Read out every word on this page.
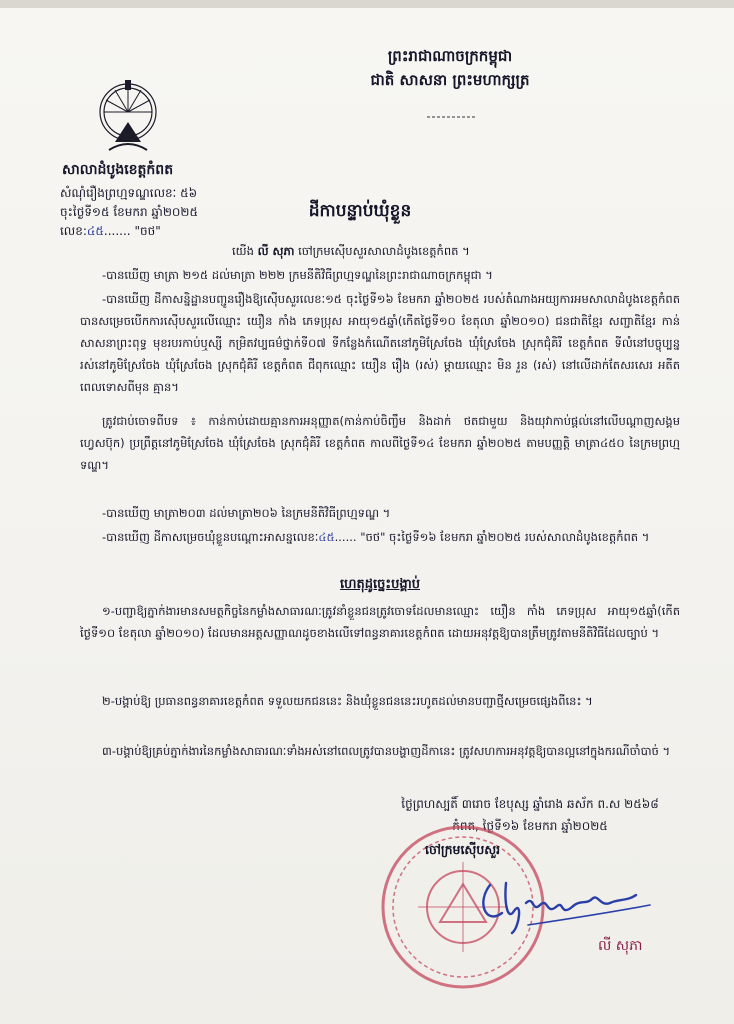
ព្រះរាជាណាចក្រកម្ពុជា
ជាតិ សាសនា ព្រះមហាក្សត្រ
សាលាដំបូងខេត្តកំពត
សំណុំរឿងព្រហ្មទណ្ឌលេខៈ ៥៦
ចុះថ្ងៃទី១៥ ខែមករា ឆ្នាំ២០២៥
លេខ:៤៥....... "ចថ"
ដីកាបន្ទាប់ឃុំខ្លួន
យើង លី សុភា ចៅក្រមស៊ើបសួរសាលាដំបូងខេត្តកំពត ។
-បានឃើញ មាត្រា ២១៥ ដល់មាត្រា ២២២ ក្រមនីតិវិធីព្រហ្មទណ្ឌនៃព្រះរាជាណាចក្រកម្ពុជា ។
-បានឃើញ ដីកាសន្និដ្ឋានបញ្ជូនរឿងឱ្យស៊ើបសួរលេខៈ១៥ ចុះថ្ងៃទី១៦ ខែមករា ឆ្នាំ២០២៥ របស់តំណាងអយ្យការអមសាលាដំបូងខេត្តកំពត បានសម្រេចបើកការស៊ើបសួរលើឈ្មោះ យឿន កាំង ភេទប្រុស អាយុ១៥ឆ្នាំ(កើតថ្ងៃទី១០ ខែតុលា ឆ្នាំ២០១០) ជនជាតិខ្មែរ សញ្ជាតិខ្មែរ កាន់សាសនាព្រះពុទ្ធ មុខរបរកាប់ឬស្សី កម្រិតវប្បធម៌ថ្នាក់ទី០៧ ទីកន្លែងកំណើតនៅភូមិស្រែចែង ឃុំស្រែចែង ស្រុកជុំគិរី ខេត្តកំពត ទីលំនៅបច្ចុប្បន្នរស់នៅភូមិស្រែចែង ឃុំស្រែចែង ស្រុកជុំគិរី ខេត្តកំពត ជីពុកឈ្មោះ យឿន រឿង (រស់) ម្តាយឈ្មោះ មិន រួន (រស់) នៅលើដាក់តែសរសេរ អតីតពេលទោសពីមុន គ្មាន។
ត្រូវជាប់ចោទពីបទ ៖ កាន់កាប់ដោយគ្មានការអនុញ្ញាត(កាន់កាប់ចិញ្ចឹម និងដាក់ ថតជាមួយ និងយុវាកាប់ផ្តល់នៅលើបណ្តាញសង្គមហ្វេសប៊ុក) ប្រព្រឹត្តនៅភូមិស្រែចែង ឃុំស្រែចែង ស្រុកជុំគិរី ខេត្តកំពត កាលពីថ្ងៃទី១៤ ខែមករា ឆ្នាំ២០២៥ តាមបញ្ញត្តិ មាត្រា៤៥០ នៃក្រមព្រហ្មទណ្ឌ។
-បានឃើញ មាត្រា២០៣ ដល់មាត្រា២០៦ នៃក្រមនីតិវិធីព្រហ្មទណ្ឌ ។
-បានឃើញ ដីកាសម្រេចឃុំខ្លួនបណ្តោះអាសន្នលេខៈ៤៥...... "ចថ" ចុះថ្ងៃទី១៦ ខែមករា ឆ្នាំ២០២៥ របស់សាលាដំបូងខេត្តកំពត ។
ហេតុដូច្នេះបង្គាប់
១-បញ្ជាឱ្យភ្នាក់ងារមានសមត្ថកិច្ចនៃកម្លាំងសាធារណៈត្រូវនាំខ្លួនជនត្រូវចោទដែលមានឈ្មោះ យឿន កាំង ភេទប្រុស អាយុ១៥ឆ្នាំ(កើតថ្ងៃទី១០ ខែតុលា ឆ្នាំ២០១០) ដែលមានអត្តសញ្ញាណដូចខាងលើទៅពន្ធនាគារខេត្តកំពត ដោយអនុវត្តឱ្យបានត្រឹមត្រូវតាមនីតិវិធីដែលច្បាប់ ។
២-បង្គាប់ឱ្យ ប្រធានពន្ធនាគារខេត្តកំពត ទទួលយកជននេះ និងឃុំខ្លួនជននេះរហូតដល់មានបញ្ជាថ្មីសម្រេចផ្សេងពីនេះ ។
៣-បង្គាប់ឱ្យគ្រប់ភ្នាក់ងារនៃកម្លាំងសាធារណៈទាំងអស់នៅពេលត្រូវបានបង្ហាញដីកានេះ ត្រូវសហការអនុវត្តឱ្យបានល្អនៅក្នុងករណីចាំបាច់ ។
ថ្ងៃព្រហស្បតិ៍ ៣រោច ខែបុស្ស ឆ្នាំរោង ឆស័ក ព.ស ២៥៦៨
កំពត, ថ្ងៃទី១៦ ខែមករា ឆ្នាំ២០២៥
ចៅក្រមស៊ើបសួរ
លី សុភា
